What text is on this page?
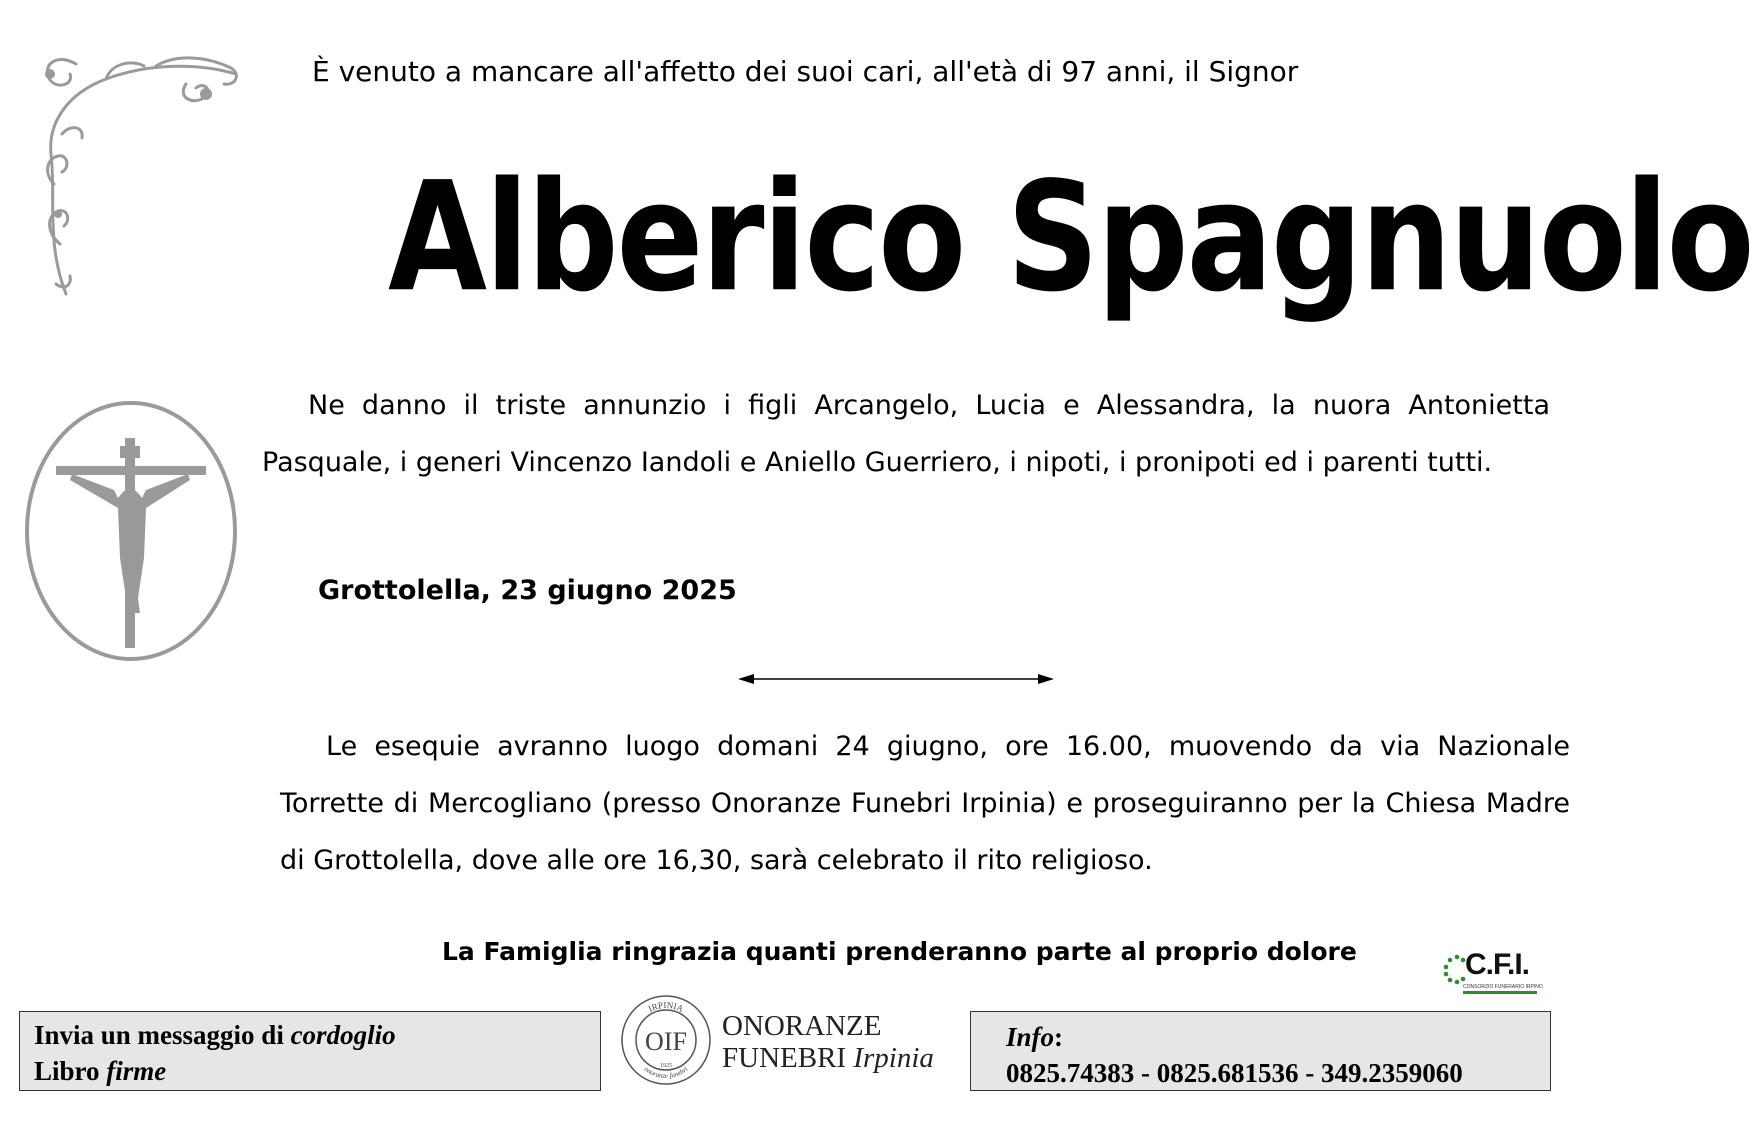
È venuto a mancare all'affetto dei suoi cari, all'età di 97 anni, il Signor
Alberico Spagnuolo
Ne danno il triste annunzio i figli Arcangelo, Lucia e Alessandra, la nuora Antonietta Pasquale, i generi Vincenzo Iandoli e Aniello Guerriero, i nipoti, i pronipoti ed i parenti tutti.
Grottolella, 23 giugno 2025
Le esequie avranno luogo domani 24 giugno, ore 16.00, muovendo da via Nazionale Torrette di Mercogliano (presso Onoranze Funebri Irpinia) e proseguiranno per la Chiesa Madre di Grottolella, dove alle ore 16,30, sarà celebrato il rito religioso.
La Famiglia ringrazia quanti prenderanno parte al proprio dolore	C.F.I.
CONSORZIO FUNERARIO IRPINO
Invia un messaggio di cordoglio
Libro firme
IRPINIA
onoranze funebri
OIF
1925
ONORANZE
FUNEBRI Irpinia
Info:
0825.74383 - 0825.681536 - 349.2359060
